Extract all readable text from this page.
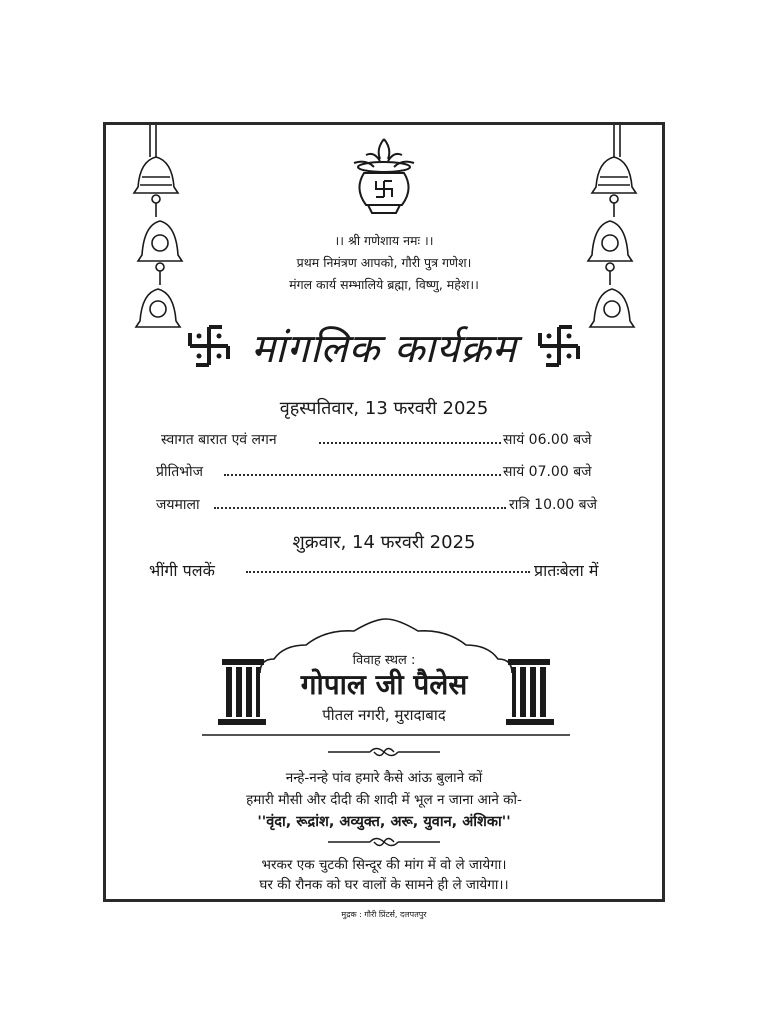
।। श्री गणेशाय नमः ।।
प्रथम निमंत्रण आपको, गौरी पुत्र गणेश।
मंगल कार्य सम्भालिये ब्रह्मा, विष्णु, महेश।।
मांगलिक कार्यक्रम
वृहस्पतिवार, 13 फरवरी 2025
स्वागत बारात एवं लगन	सायं 06.00 बजे
प्रीतिभोज	सायं 07.00 बजे
जयमाला	रात्रि 10.00 बजे
शुक्रवार, 14 फरवरी 2025
भींगी पलकें	प्रातःबेला में
विवाह स्थल :
गोपाल जी पैलेस
पीतल नगरी, मुरादाबाद
नन्हे-नन्हे पांव हमारे कैसे आंऊ बुलाने कों
हमारी मौसी और दीदी की शादी में भूल न जाना आने को-
''वृंदा, रूद्रांश, अव्युक्त, अरू, युवान, अंशिका''
भरकर एक चुटकी सिन्दूर की मांग में वो ले जायेगा।
घर की रौनक को घर वालों के सामने ही ले जायेगा।।
मुद्रक : गौरी प्रिंटर्स, दलपतपुर
